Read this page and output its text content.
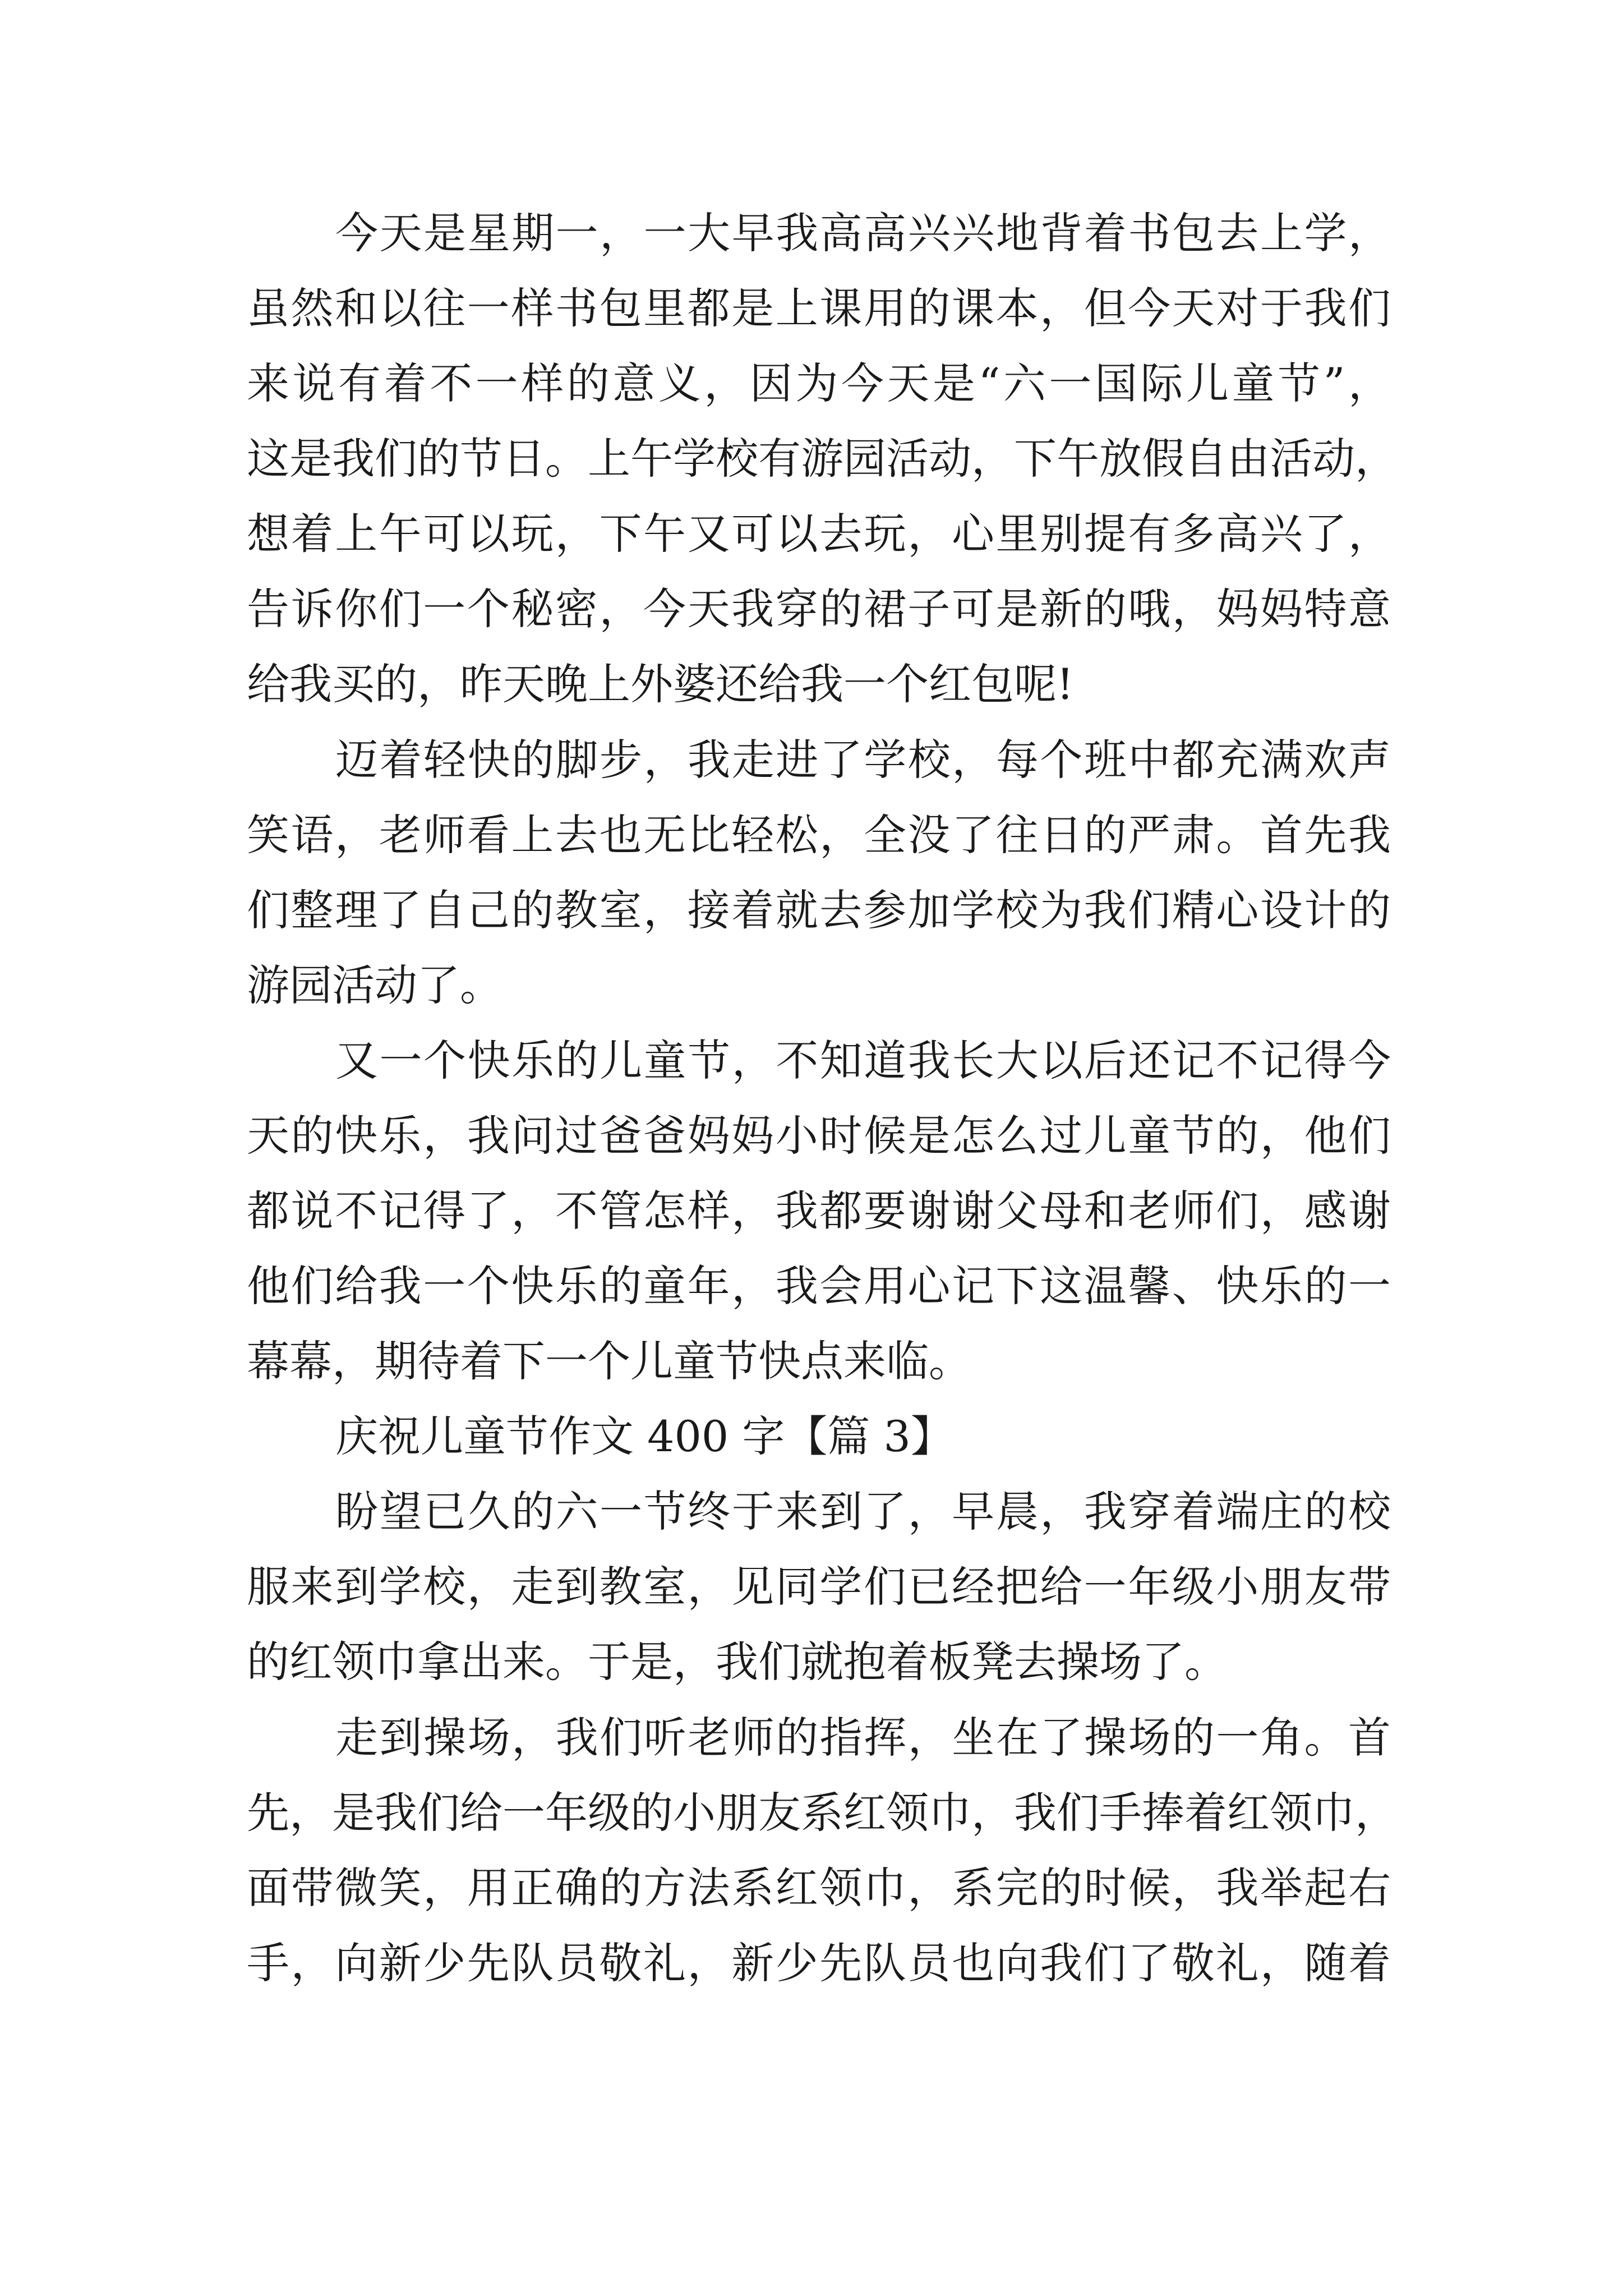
今天是星期一，一大早我高高兴兴地背着书包去上学，
虽然和以往一样书包里都是上课用的课本，但今天对于我们
来说有着不一样的意义，因为今天是“六一国际儿童节”，
这是我们的节日。上午学校有游园活动，下午放假自由活动，
想着上午可以玩，下午又可以去玩，心里别提有多高兴了，
告诉你们一个秘密，今天我穿的裙子可是新的哦，妈妈特意
给我买的，昨天晚上外婆还给我一个红包呢!
迈着轻快的脚步，我走进了学校，每个班中都充满欢声
笑语，老师看上去也无比轻松，全没了往日的严肃。首先我
们整理了自己的教室，接着就去参加学校为我们精心设计的
游园活动了。
又一个快乐的儿童节，不知道我长大以后还记不记得今
天的快乐，我问过爸爸妈妈小时候是怎么过儿童节的，他们
都说不记得了，不管怎样，我都要谢谢父母和老师们，感谢
他们给我一个快乐的童年，我会用心记下这温馨、快乐的一
幕幕，期待着下一个儿童节快点来临。
庆祝儿童节作文 400 字【篇 3】
盼望已久的六一节终于来到了，早晨，我穿着端庄的校
服来到学校，走到教室，见同学们已经把给一年级小朋友带
的红领巾拿出来。于是，我们就抱着板凳去操场了。
走到操场，我们听老师的指挥，坐在了操场的一角。首
先，是我们给一年级的小朋友系红领巾，我们手捧着红领巾，
面带微笑，用正确的方法系红领巾，系完的时候，我举起右
手，向新少先队员敬礼，新少先队员也向我们了敬礼，随着
